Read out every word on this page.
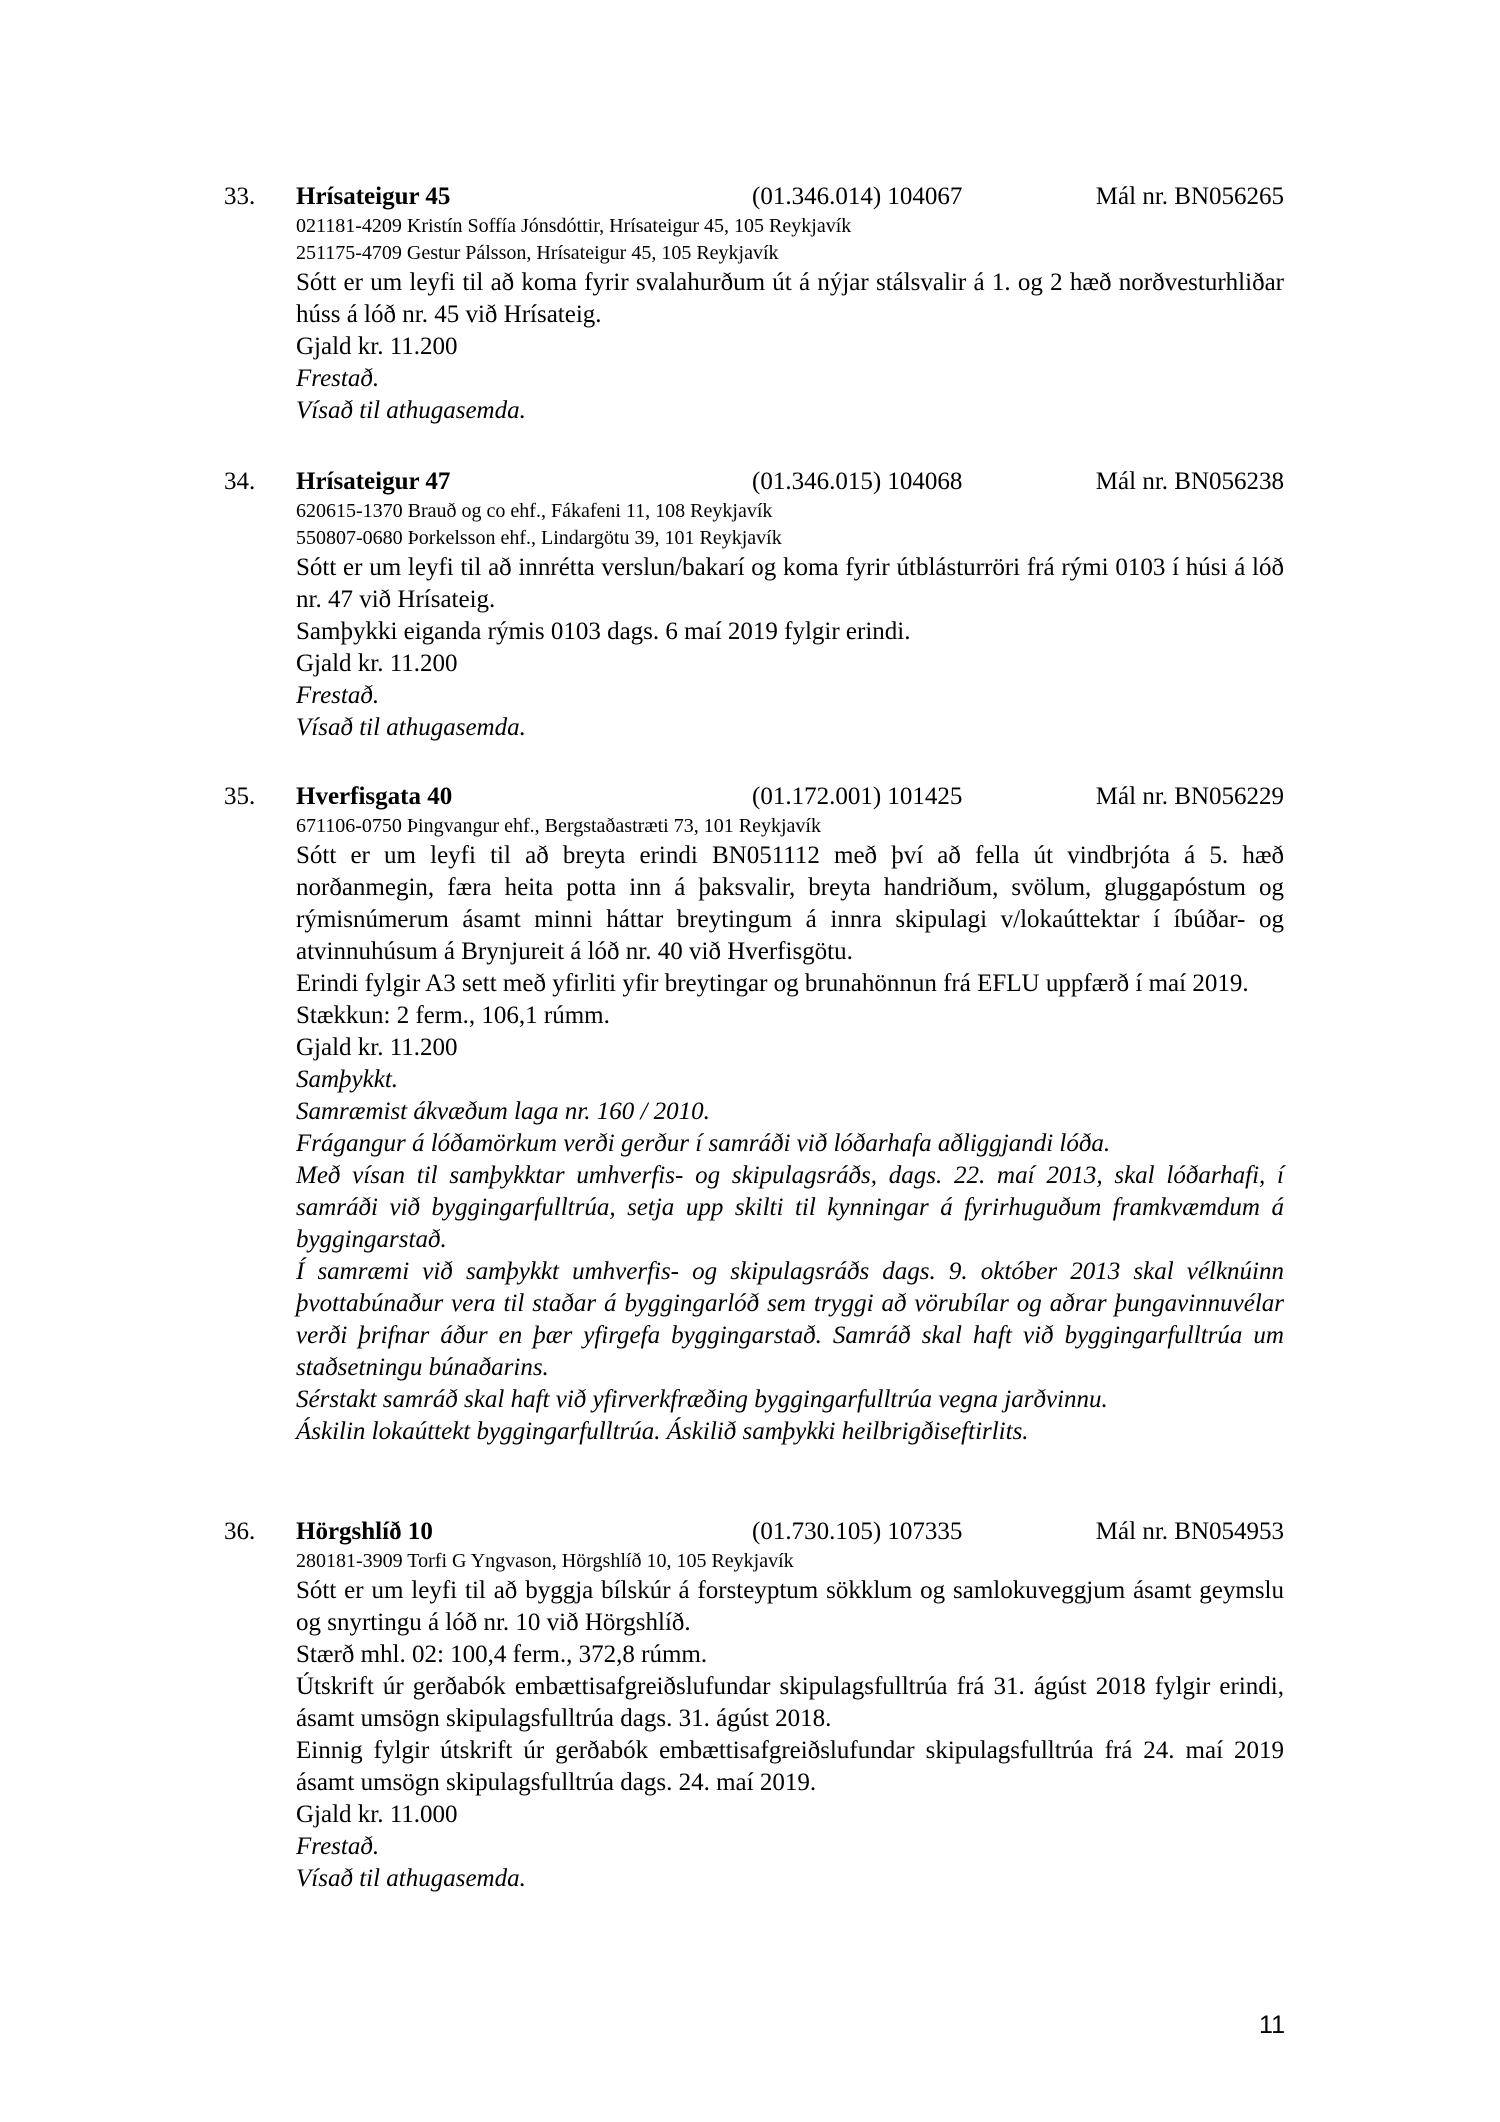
33. Hrísateigur 45	(01.346.014) 104067	Mál nr. BN056265
021181-4209 Kristín Soffía Jónsdóttir, Hrísateigur 45, 105 Reykjavík
251175-4709 Gestur Pálsson, Hrísateigur 45, 105 Reykjavík
Sótt er um leyfi til að koma fyrir svalahurðum út á nýjar stálsvalir á 1. og 2 hæð norðvesturhliðar húss á lóð nr. 45 við Hrísateig.
Gjald kr. 11.200
Frestað.
Vísað til athugasemda.
34. Hrísateigur 47	(01.346.015) 104068	Mál nr. BN056238
620615-1370 Brauð og co ehf., Fákafeni 11, 108 Reykjavík
550807-0680 Þorkelsson ehf., Lindargötu 39, 101 Reykjavík
Sótt er um leyfi til að innrétta verslun/bakarí og koma fyrir útblásturröri frá rými 0103 í húsi á lóð nr. 47 við Hrísateig.
Samþykki eiganda rýmis 0103 dags. 6 maí 2019 fylgir erindi.
Gjald kr. 11.200
Frestað.
Vísað til athugasemda.
35. Hverfisgata 40	(01.172.001) 101425	Mál nr. BN056229
671106-0750 Þingvangur ehf., Bergstaðastræti 73, 101 Reykjavík
Sótt er um leyfi til að breyta erindi BN051112 með því að fella út vindbrjóta á 5. hæð norðanmegin, færa heita potta inn á þaksvalir, breyta handriðum, svölum, gluggapóstum og rýmisnúmerum ásamt minni háttar breytingum á innra skipulagi v/lokaúttektar í íbúðar- og atvinnuhúsum á Brynjureit á lóð nr. 40 við Hverfisgötu.
Erindi fylgir A3 sett með yfirliti yfir breytingar og brunahönnun frá EFLU uppfærð í maí 2019.
Stækkun: 2 ferm., 106,1 rúmm.
Gjald kr. 11.200
Samþykkt.
Samræmist ákvæðum laga nr. 160 / 2010.
Frágangur á lóðamörkum verði gerður í samráði við lóðarhafa aðliggjandi lóða.
Með vísan til samþykktar umhverfis- og skipulagsráðs, dags. 22. maí 2013, skal lóðarhafi, í samráði við byggingarfulltrúa, setja upp skilti til kynningar á fyrirhuguðum framkvæmdum á byggingarstað.
Í samræmi við samþykkt umhverfis- og skipulagsráðs dags. 9. október 2013 skal vélknúinn þvottabúnaður vera til staðar á byggingarlóð sem tryggi að vörubílar og aðrar þungavinnuvélar verði þrifnar áður en þær yfirgefa byggingarstað. Samráð skal haft við byggingarfulltrúa um staðsetningu búnaðarins.
Sérstakt samráð skal haft við yfirverkfræðing byggingarfulltrúa vegna jarðvinnu.
Áskilin lokaúttekt byggingarfulltrúa. Áskilið samþykki heilbrigðiseftirlits.
36. Hörgshlíð 10	(01.730.105) 107335	Mál nr. BN054953
280181-3909 Torfi G Yngvason, Hörgshlíð 10, 105 Reykjavík
Sótt er um leyfi til að byggja bílskúr á forsteyptum sökklum og samlokuveggjum ásamt geymslu og snyrtingu á lóð nr. 10 við Hörgshlíð.
Stærð mhl. 02: 100,4 ferm., 372,8 rúmm.
Útskrift úr gerðabók embættisafgreiðslufundar skipulagsfulltrúa frá 31. ágúst 2018 fylgir erindi, ásamt umsögn skipulagsfulltrúa dags. 31. ágúst 2018.
Einnig fylgir útskrift úr gerðabók embættisafgreiðslufundar skipulagsfulltrúa frá 24. maí 2019 ásamt umsögn skipulagsfulltrúa dags. 24. maí 2019.
Gjald kr. 11.000
Frestað.
Vísað til athugasemda.
11
